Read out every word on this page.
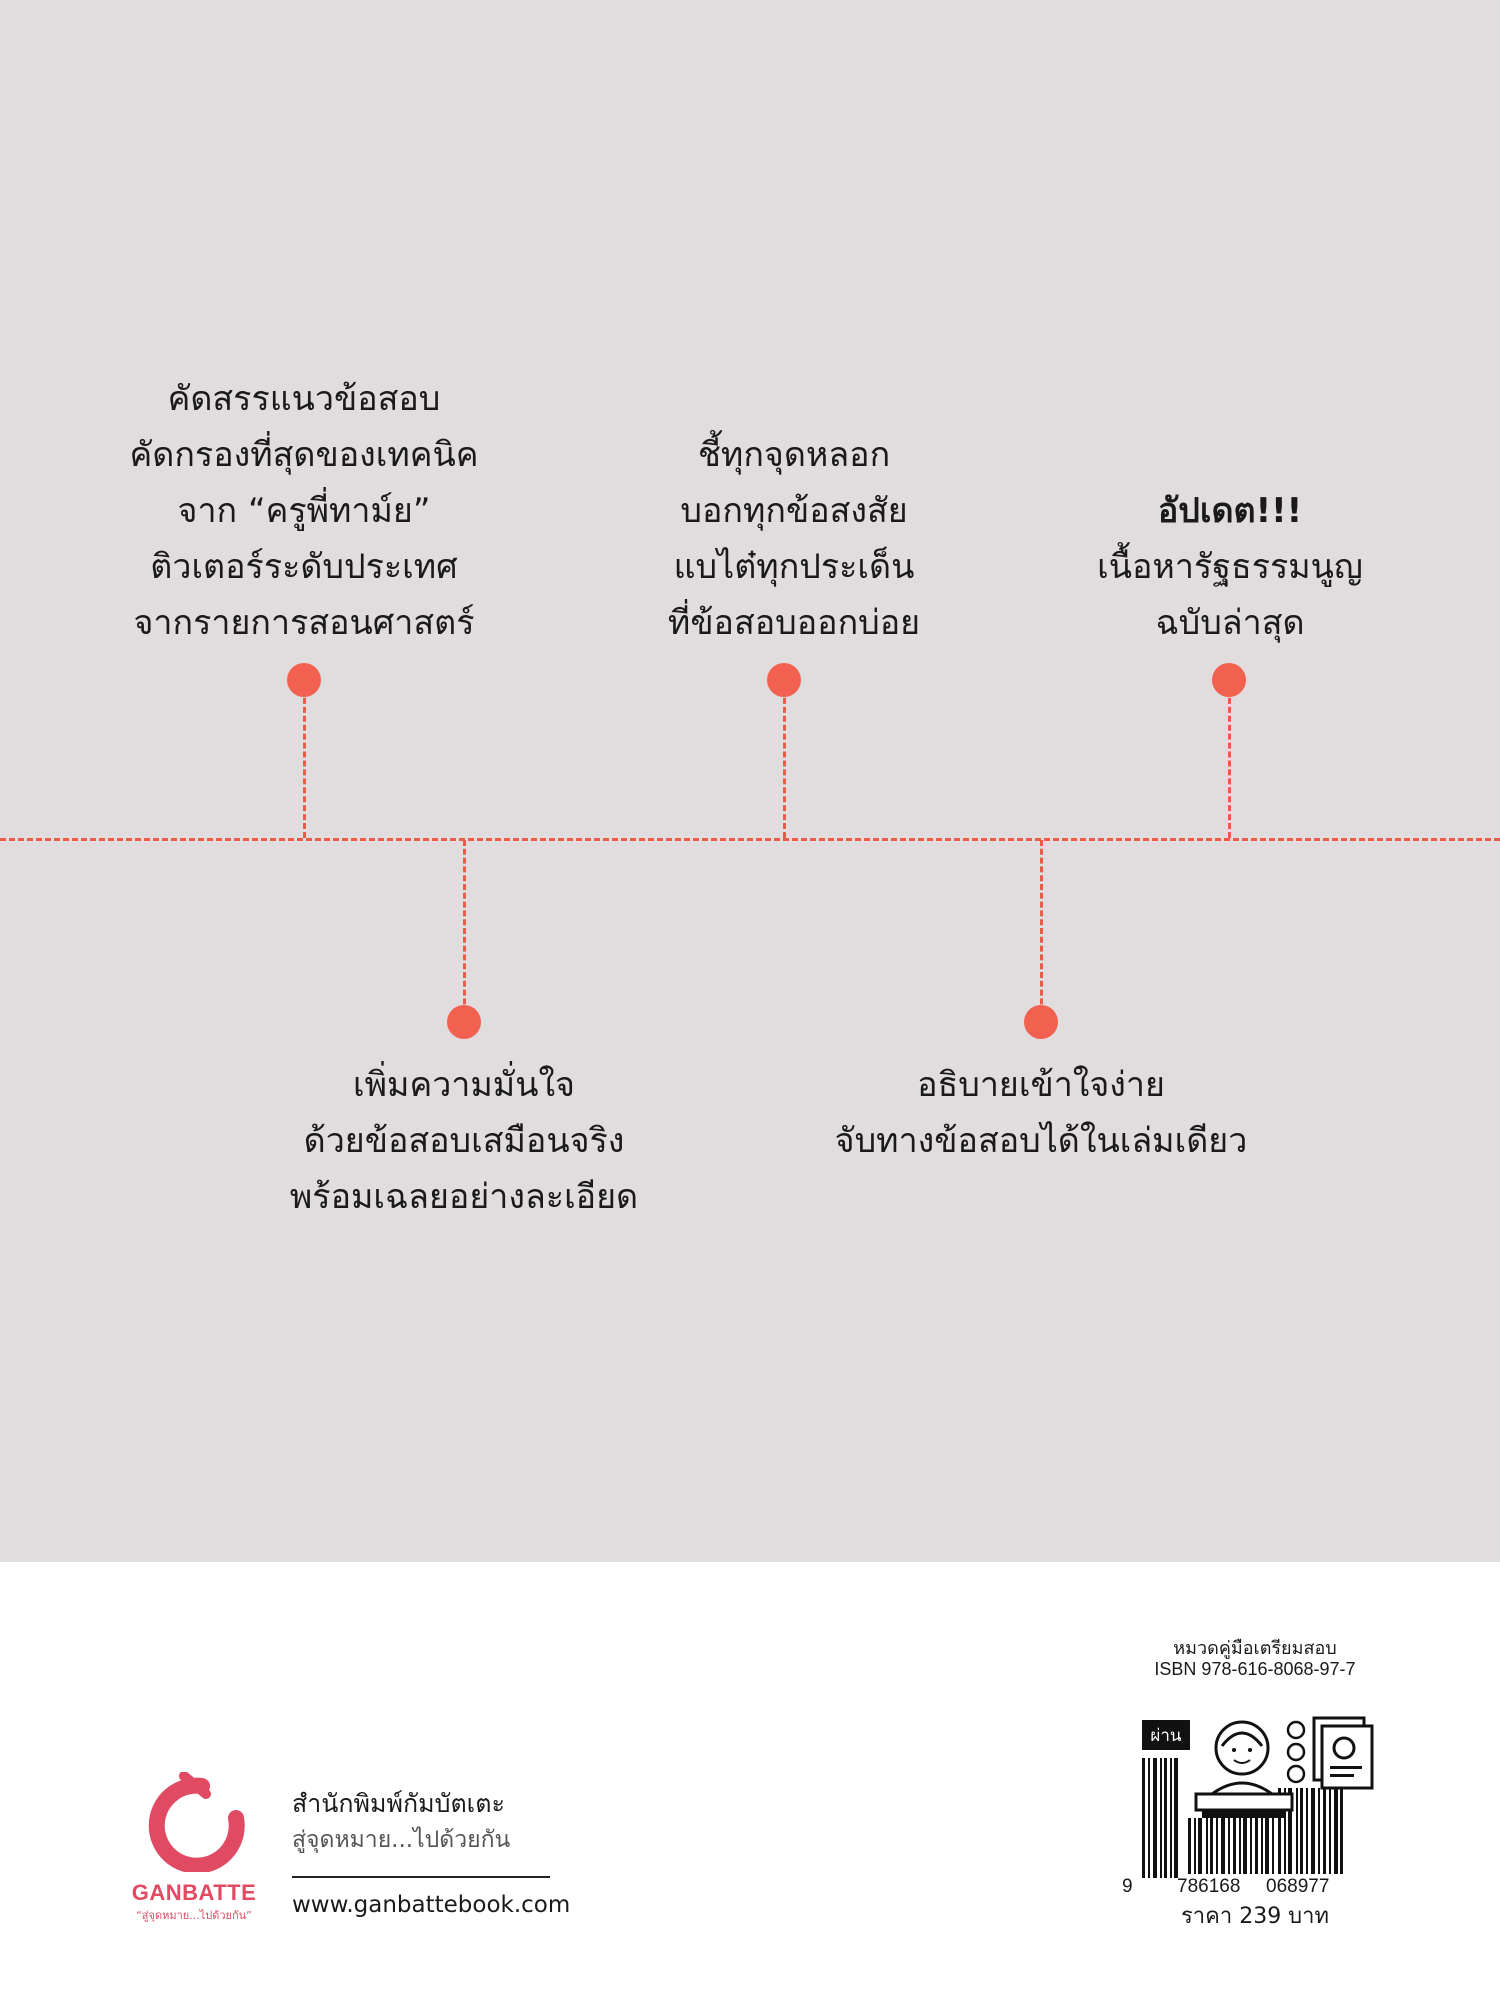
คัดสรรแนวข้อสอบ
คัดกรองที่สุดของเทคนิค
จาก “ครูพี่ทาม์ย”
ติวเตอร์ระดับประเทศ
จากรายการสอนศาสตร์
ชี้ทุกจุดหลอก
บอกทุกข้อสงสัย
แบไต๋ทุกประเด็น
ที่ข้อสอบออกบ่อย
อัปเดต!!!
เนื้อหารัฐธรรมนูญ
ฉบับล่าสุด
เพิ่มความมั่นใจ
ด้วยข้อสอบเสมือนจริง
พร้อมเฉลยอย่างละเอียด
อธิบายเข้าใจง่าย
จับทางข้อสอบได้ในเล่มเดียว
GANBATTE
“สู่จุดหมาย...ไปด้วยกัน”
สำนักพิมพ์กัมบัตเตะ
สู่จุดหมาย...ไปด้วยกัน
www.ganbattebook.com
หมวดคู่มือเตรียมสอบ
ISBN 978-616-8068-97-7
ผ่าน
9 786168 068977
ราคา 239 บาท
